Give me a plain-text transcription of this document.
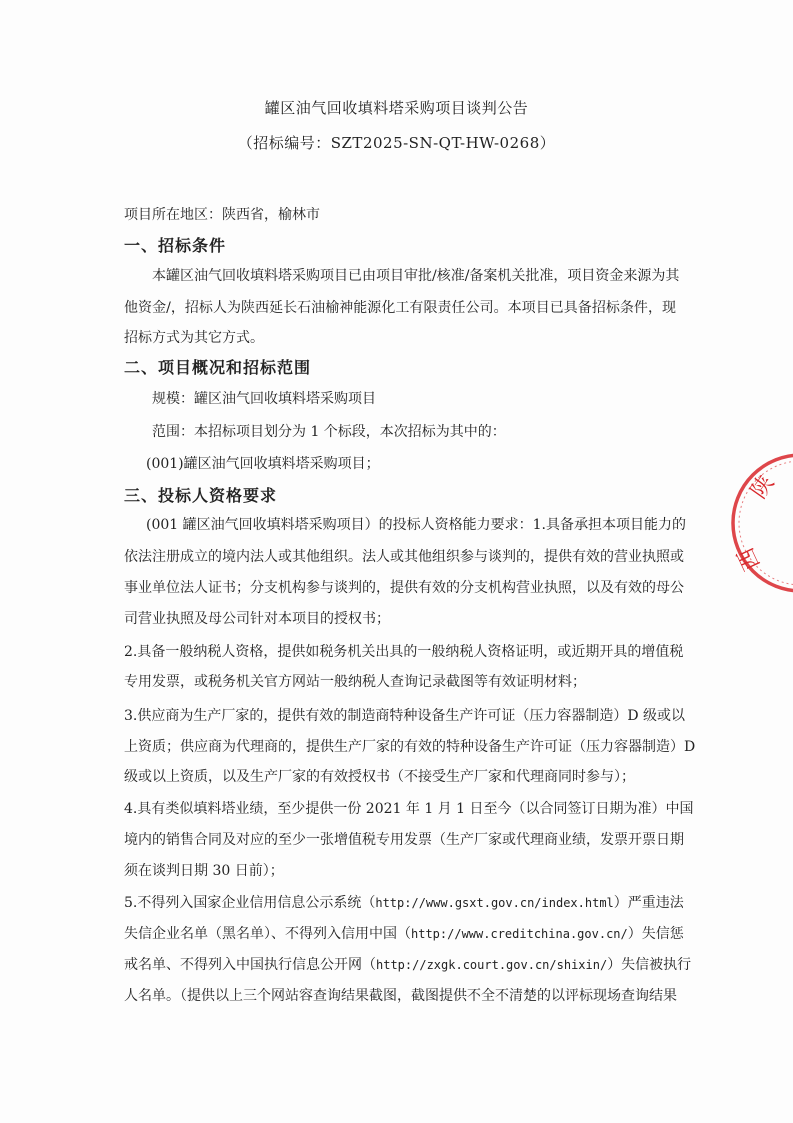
罐区油气回收填料塔采购项目谈判公告
（招标编号：SZT2025-SN-QT-HW-0268）
项目所在地区：陕西省，榆林市
一、招标条件
本罐区油气回收填料塔采购项目已由项目审批/核准/备案机关批准，项目资金来源为其
他资金/，招标人为陕西延长石油榆神能源化工有限责任公司。本项目已具备招标条件，现
招标方式为其它方式。
二、项目概况和招标范围
规模：罐区油气回收填料塔采购项目
范围：本招标项目划分为 1 个标段，本次招标为其中的：
(001)罐区油气回收填料塔采购项目；
三、投标人资格要求
(001 罐区油气回收填料塔采购项目）的投标人资格能力要求：1.具备承担本项目能力的
依法注册成立的境内法人或其他组织。法人或其他组织参与谈判的，提供有效的营业执照或
事业单位法人证书；分支机构参与谈判的，提供有效的分支机构营业执照，以及有效的母公
司营业执照及母公司针对本项目的授权书；
2.具备一般纳税人资格，提供如税务机关出具的一般纳税人资格证明，或近期开具的增值税
专用发票，或税务机关官方网站一般纳税人查询记录截图等有效证明材料；
3.供应商为生产厂家的，提供有效的制造商特种设备生产许可证（压力容器制造）D 级或以
上资质；供应商为代理商的，提供生产厂家的有效的特种设备生产许可证（压力容器制造）D
级或以上资质，以及生产厂家的有效授权书（不接受生产厂家和代理商同时参与）；
4.具有类似填料塔业绩，至少提供一份 2021 年 1 月 1 日至今（以合同签订日期为准）中国
境内的销售合同及对应的至少一张增值税专用发票（生产厂家或代理商业绩，发票开票日期
须在谈判日期 30 日前）；
5.不得列入国家企业信用信息公示系统（http://www.gsxt.gov.cn/index.html）严重违法
失信企业名单（黑名单）、不得列入信用中国（http://www.creditchina.gov.cn/）失信惩
戒名单、不得列入中国执行信息公开网（http://zxgk.court.gov.cn/shixin/）失信被执行
人名单。（提供以上三个网站容查询结果截图，截图提供不全不清楚的以评标现场查询结果
陕
西
